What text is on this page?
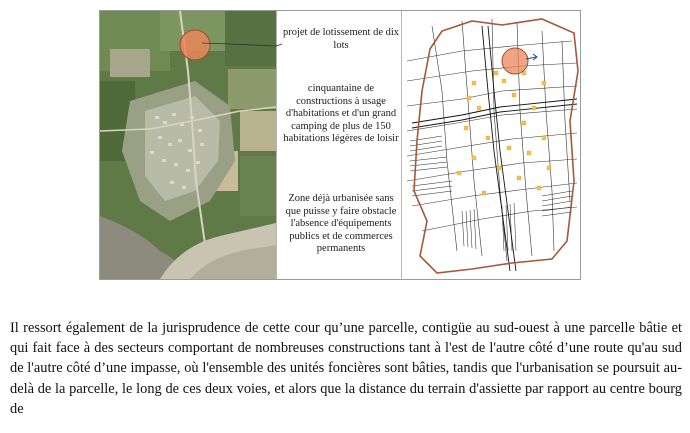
projet de lotissement de dix lots
cinquantaine de constructions à usage d'habitations et d'un grand camping de plus de 150 habitations légères de loisir
Zone déjà urbanisée sans que puisse y faire obstacle l'absence d'équipements publics et de commerces permanents

Il ressort également de la jurisprudence de cette cour qu’une parcelle, contigüe au sud-ouest à une parcelle bâtie et qui fait face à des secteurs comportant de nombreuses constructions tant à l'est de l'autre côté d’une route qu'au sud de l'autre côté d’une impasse, où l'ensemble des unités foncières sont bâties, tandis que l'urbanisation se poursuit au-delà de la parcelle, le long de ces deux voies, et alors que la distance du terrain d'assiette par rapport au centre bourg de
